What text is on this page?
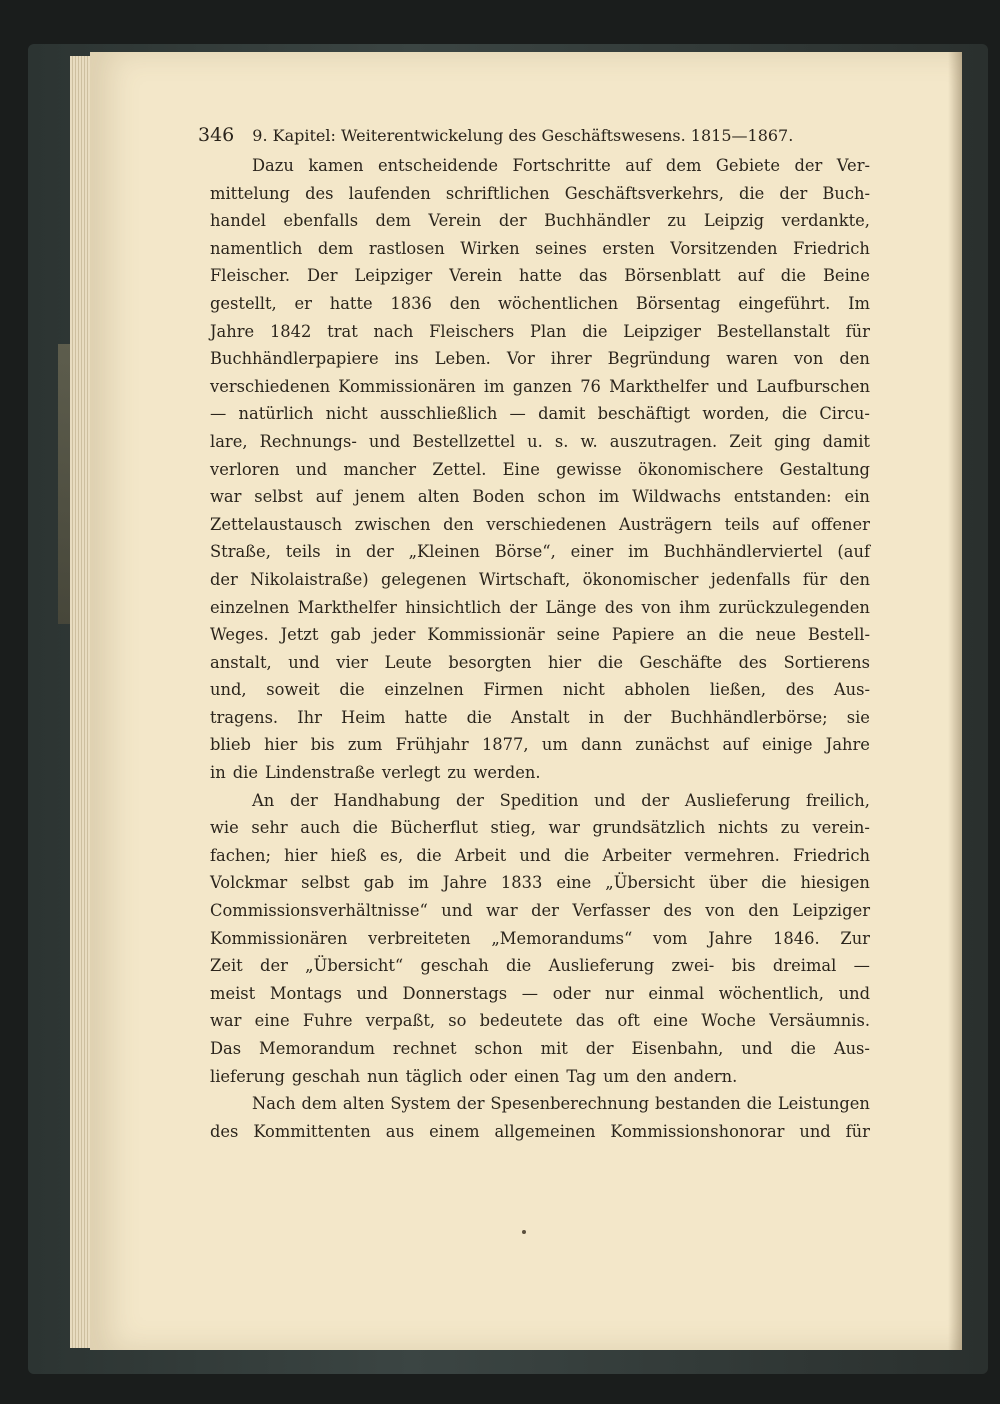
346 9. Kapitel: Weiterentwickelung des Geschäftswesens. 1815—1867.
Dazu kamen entscheidende Fortschritte auf dem Gebiete der Ver-
mittelung des laufenden schriftlichen Geschäftsverkehrs, die der Buch-
handel ebenfalls dem Verein der Buchhändler zu Leipzig verdankte,
namentlich dem rastlosen Wirken seines ersten Vorsitzenden Friedrich
Fleischer. Der Leipziger Verein hatte das Börsenblatt auf die Beine
gestellt, er hatte 1836 den wöchentlichen Börsentag eingeführt. Im
Jahre 1842 trat nach Fleischers Plan die Leipziger Bestellanstalt für
Buchhändlerpapiere ins Leben. Vor ihrer Begründung waren von den
verschiedenen Kommissionären im ganzen 76 Markthelfer und Laufburschen
— natürlich nicht ausschließlich — damit beschäftigt worden, die Circu-
lare, Rechnungs- und Bestellzettel u. s. w. auszutragen. Zeit ging damit
verloren und mancher Zettel. Eine gewisse ökonomischere Gestaltung
war selbst auf jenem alten Boden schon im Wildwachs entstanden: ein
Zettelaustausch zwischen den verschiedenen Austrägern teils auf offener
Straße, teils in der „Kleinen Börse“, einer im Buchhändlerviertel (auf
der Nikolaistraße) gelegenen Wirtschaft, ökonomischer jedenfalls für den
einzelnen Markthelfer hinsichtlich der Länge des von ihm zurückzulegenden
Weges. Jetzt gab jeder Kommissionär seine Papiere an die neue Bestell-
anstalt, und vier Leute besorgten hier die Geschäfte des Sortierens
und, soweit die einzelnen Firmen nicht abholen ließen, des Aus-
tragens. Ihr Heim hatte die Anstalt in der Buchhändlerbörse; sie
blieb hier bis zum Frühjahr 1877, um dann zunächst auf einige Jahre
in die Lindenstraße verlegt zu werden.
An der Handhabung der Spedition und der Auslieferung freilich,
wie sehr auch die Bücherflut stieg, war grundsätzlich nichts zu verein-
fachen; hier hieß es, die Arbeit und die Arbeiter vermehren. Friedrich
Volckmar selbst gab im Jahre 1833 eine „Übersicht über die hiesigen
Commissionsverhältnisse“ und war der Verfasser des von den Leipziger
Kommissionären verbreiteten „Memorandums“ vom Jahre 1846. Zur
Zeit der „Übersicht“ geschah die Auslieferung zwei- bis dreimal —
meist Montags und Donnerstags — oder nur einmal wöchentlich, und
war eine Fuhre verpaßt, so bedeutete das oft eine Woche Versäumnis.
Das Memorandum rechnet schon mit der Eisenbahn, und die Aus-
lieferung geschah nun täglich oder einen Tag um den andern.
Nach dem alten System der Spesenberechnung bestanden die Leistungen
des Kommittenten aus einem allgemeinen Kommissionshonorar und für
